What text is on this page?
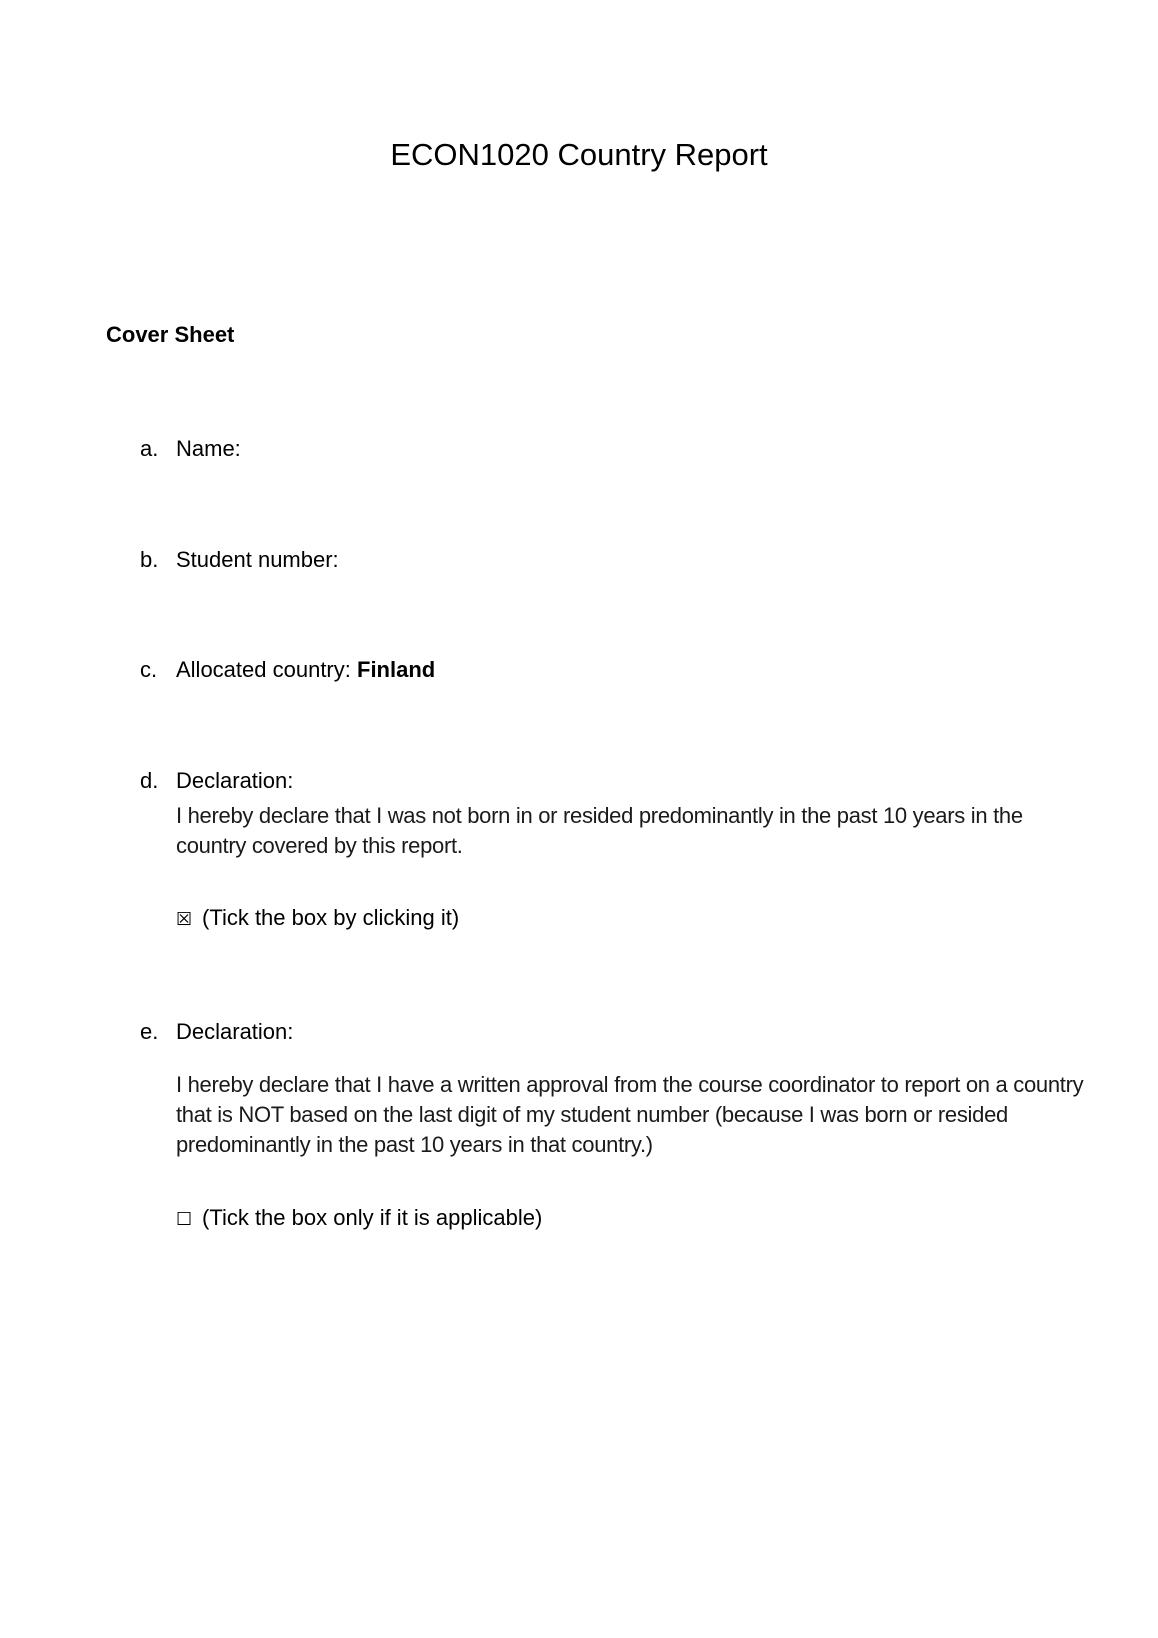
ECON1020 Country Report
Cover Sheet
a. Name:
b. Student number:
c. Allocated country: Finland
d. Declaration:
I hereby declare that I was not born in or resided predominantly in the past 10 years in the country covered by this report.
☒ (Tick the box by clicking it)
e. Declaration:
I hereby declare that I have a written approval from the course coordinator to report on a country that is NOT based on the last digit of my student number (because I was born or resided predominantly in the past 10 years in that country.)
☐ (Tick the box only if it is applicable)
